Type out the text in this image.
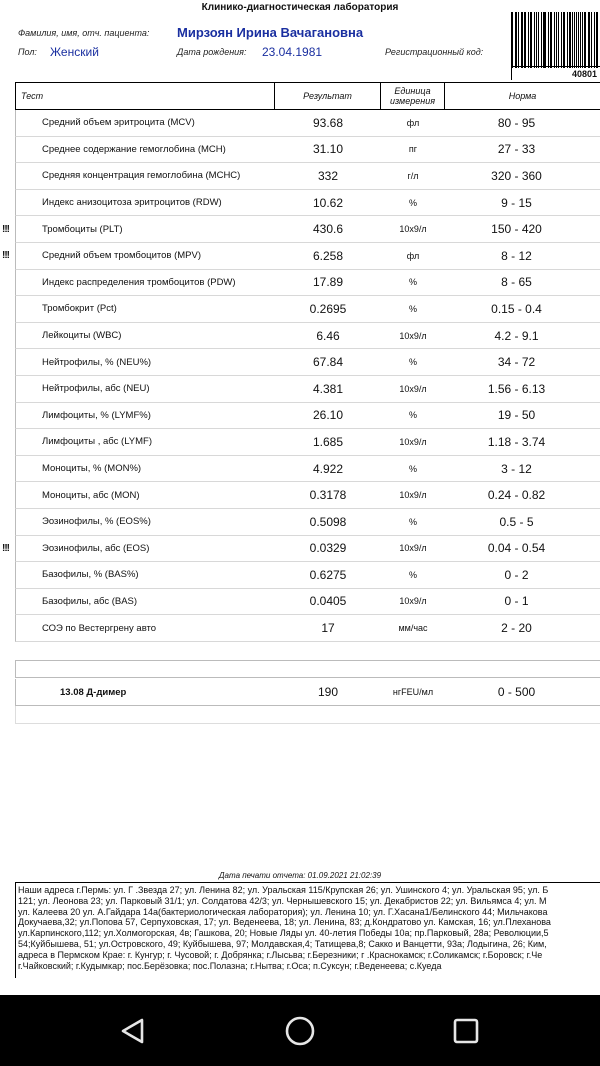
Клинико-диагностическая лаборатория
Фамилия, имя, отч. пациента: Мирзоян Ирина Вачагановна
Пол: Женский	Дата рождения: 23.04.1981	Регистрационный код:
40801
Тест	Результат	Единица измерения	Норма
Средний объем эритроцита (MCV)	93.68	фл	80 - 95
Среднее содержание гемоглобина (MCH)	31.10	пг	27 - 33
Средняя концентрация гемоглобина (MCHC)	332	г/л	320 - 360
Индекс анизоцитоза эритроцитов (RDW)	10.62	%	9 - 15
!!!	Тромбоциты (PLT)	430.6	10x9/л	150 - 420
!!!	Средний объем тромбоцитов (MPV)	6.258	фл	8 - 12
Индекс распределения тромбоцитов (PDW)	17.89	%	8 - 65
Тромбокрит (Pct)	0.2695	%	0.15 - 0.4
Лейкоциты (WBC)	6.46	10x9/л	4.2 - 9.1
Нейтрофилы, % (NEU%)	67.84	%	34 - 72
Нейтрофилы, абс (NEU)	4.381	10x9/л	1.56 - 6.13
Лимфоциты, % (LYMF%)	26.10	%	19 - 50
Лимфоциты , абс (LYMF)	1.685	10x9/л	1.18 - 3.74
Моноциты, % (MON%)	4.922	%	3 - 12
Моноциты, абс (MON)	0.3178	10x9/л	0.24 - 0.82
Эозинофилы, % (EOS%)	0.5098	%	0.5 - 5
!!!	Эозинофилы, абс (EOS)	0.0329	10x9/л	0.04 - 0.54
Базофилы, % (BAS%)	0.6275	%	0 - 2
Базофилы, абс (BAS)	0.0405	10x9/л	0 - 1
СОЭ по Вестергрену авто	17	мм/час	2 - 20
13.08 Д-димер	190	нгFEU/мл	0 - 500
Дата печати отчета: 01.09.2021 21:02:39
Наши адреса г.Пермь: ул. Г .Звезда 27; ул. Ленина 82; ул. Уральская 115/Крупская 26; ул. Ушинского 4; ул. Уральская 95; ул. Б
121; ул. Леонова 23; ул. Парковый 31/1; ул. Солдатова 42/3; ул. Чернышевского 15; ул. Декабристов 22; ул. Вильямса 4; ул. М
ул. Калеева 20 ул. А.Гайдара 14а(бактериологическая лаборатория); ул. Ленина 10; ул. Г.Хасана1/Белинского 44; Мильчакова
Докучаева,32; ул.Попова 57, Серпуховская, 17; ул. Веденеева, 18; ул. Ленина, 83; д.Кондратово ул. Камская, 16; ул.Плеханова
ул.Карпинского,112; ул.Холмогорская, 4в; Гашкова, 20; Новые Ляды ул. 40-летия Победы 10а; пр.Парковый, 28а; Революции,5
54;Куйбышева, 51; ул.Островского, 49; Куйбышева, 97; Молдавская,4; Татищева,8; Сакко и Ванцетти, 93а; Лодыгина, 26; Ким,
адреса в Пермском Крае: г. Кунгур; г. Чусовой; г. Добрянка; г.Лысьва; г.Березники; г .Краснокамск; г.Соликамск; г.Боровск; г.Че
г.Чайковский; г.Кудымкар; пос.Берёзовка; пос.Полазна; г.Нытва; г.Оса; п.Суксун; г.Веденеева; с.Куеда
